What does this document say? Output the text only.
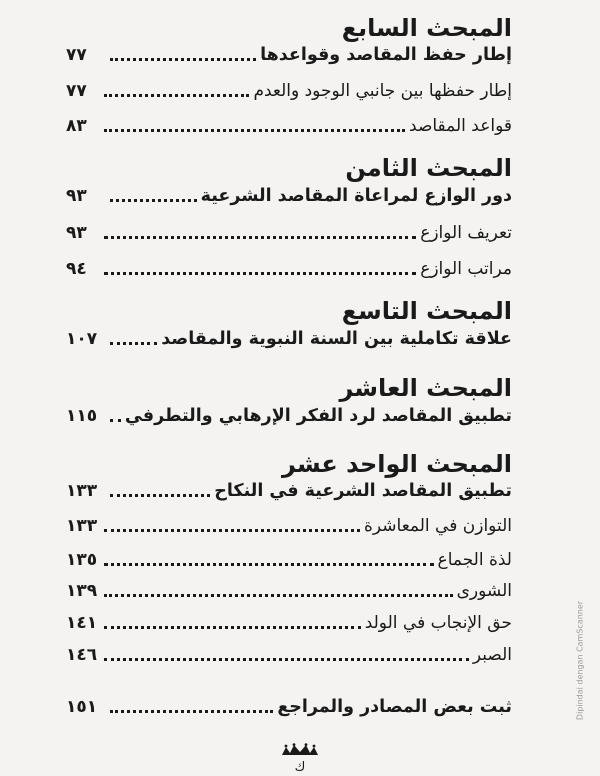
المبحث السابع
إطار حفظ المقاصد وقواعدها
٧٧
إطار حفظها بين جانبي الوجود والعدم
٧٧
قواعد المقاصد
٨٣
المبحث الثامن
دور الوازع لمراعاة المقاصد الشرعية
٩٣
تعريف الوازع
٩٣
مراتب الوازع
٩٤
المبحث التاسع
علاقة تكاملية بين السنة النبوية والمقاصد
١٠٧
المبحث العاشر
تطبيق المقاصد لرد الفكر الإرهابي والتطرفي
١١٥
المبحث الواحد عشر
تطبيق المقاصد الشرعية في النكاح
١٣٣
التوازن في المعاشرة
١٣٣
لذة الجماع
١٣٥
الشورى
١٣٩
حق الإنجاب في الولد
١٤١
الصبر
١٤٦
ثبت بعض المصادر والمراجع
١٥١
ك
Dipindai dengan CamScanner
